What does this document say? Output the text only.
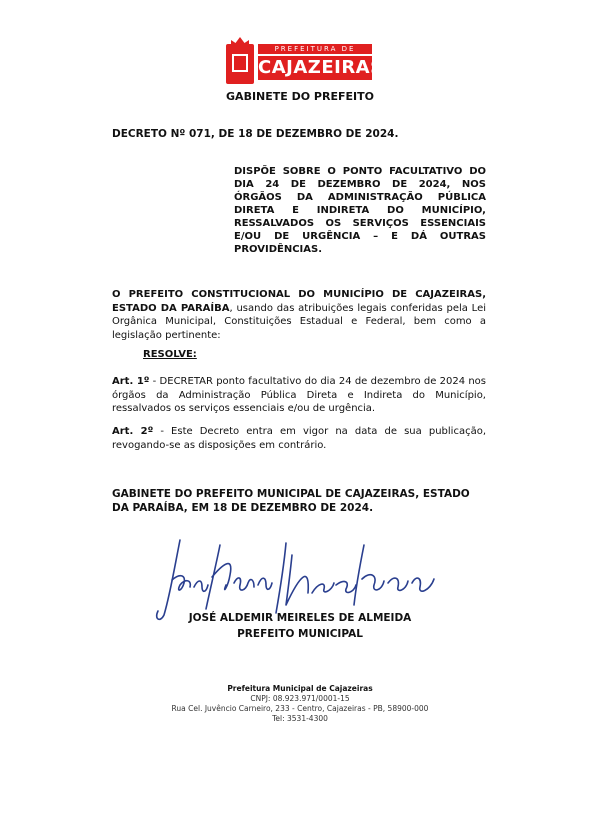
PREFEITURA DE
CAJAZEIRAS
GABINETE DO PREFEITO
DECRETO Nº 071, DE 18 DE DEZEMBRO DE 2024.
DISPÕE SOBRE O PONTO FACULTATIVO DO DIA 24 DE DEZEMBRO DE 2024, NOS ÓRGÃOS DA ADMINISTRAÇÃO PÚBLICA DIRETA E INDIRETA DO MUNICÍPIO, RESSALVADOS OS SERVIÇOS ESSENCIAIS E/OU DE URGÊNCIA – E DÁ OUTRAS PROVIDÊNCIAS.
O PREFEITO CONSTITUCIONAL DO MUNICÍPIO DE CAJAZEIRAS, ESTADO DA PARAÍBA, usando das atribuições legais conferidas pela Lei Orgânica Municipal, Constituições Estadual e Federal, bem como a legislação pertinente:
RESOLVE:
Art. 1º - DECRETAR ponto facultativo do dia 24 de dezembro de 2024 nos órgãos da Administração Pública Direta e Indireta do Município, ressalvados os serviços essenciais e/ou de urgência.
Art. 2º - Este Decreto entra em vigor na data de sua publicação, revogando-se as disposições em contrário.
GABINETE DO PREFEITO MUNICIPAL DE CAJAZEIRAS, ESTADO DA PARAÍBA, EM 18 DE DEZEMBRO DE 2024.
JOSÉ ALDEMIR MEIRELES DE ALMEIDA
PREFEITO MUNICIPAL
Prefeitura Municipal de Cajazeiras
CNPJ: 08.923.971/0001-15
Rua Cel. Juvêncio Carneiro, 233 - Centro, Cajazeiras - PB, 58900-000
Tel: 3531-4300
